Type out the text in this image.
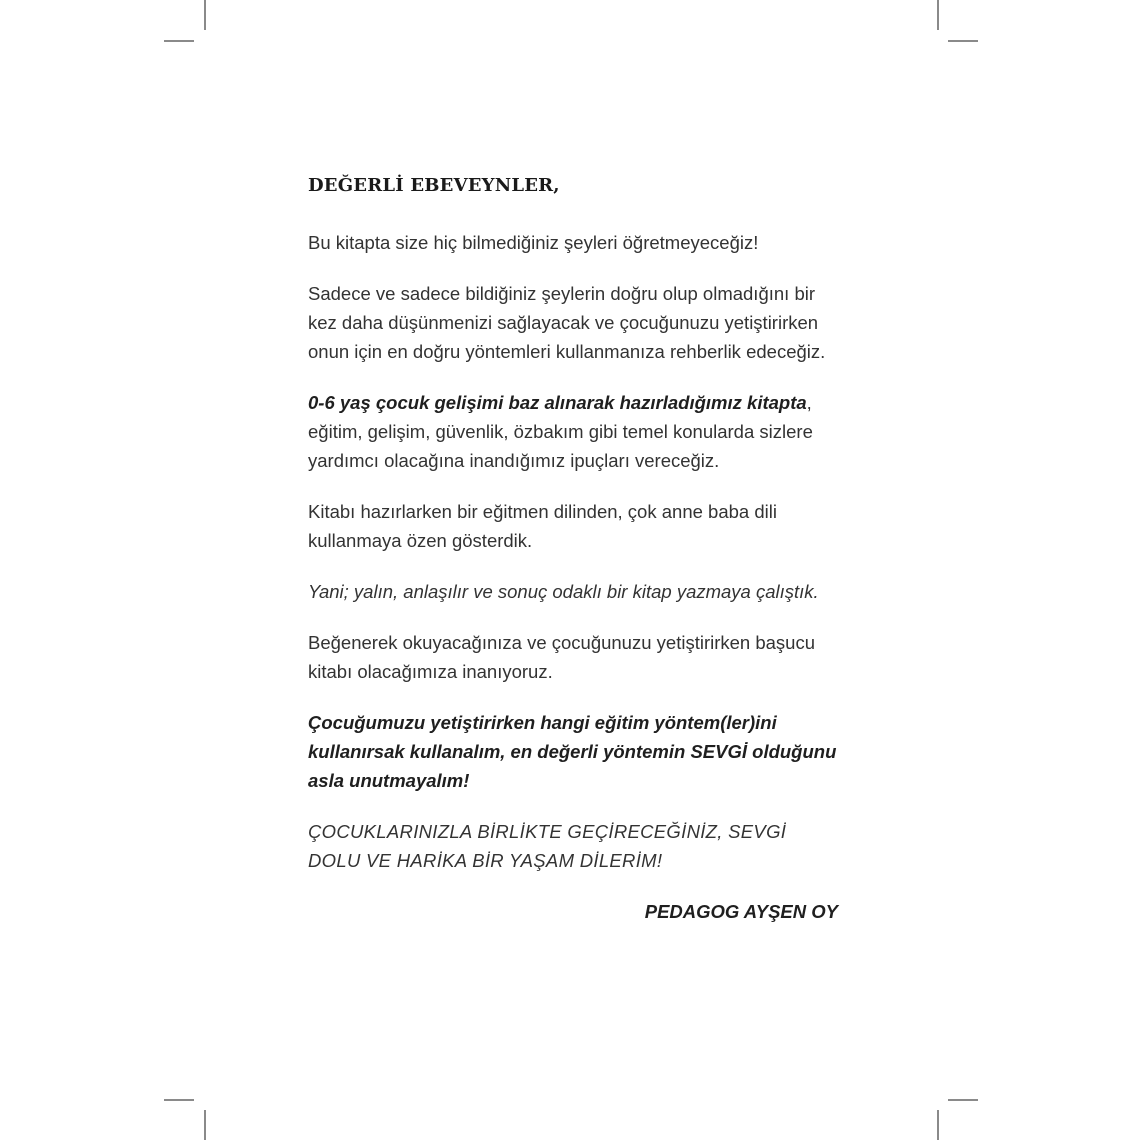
DEĞERLİ EBEVEYNLER,

Bu kitapta size hiç bilmediğiniz şeyleri öğretmeyeceğiz!

Sadece ve sadece bildiğiniz şeylerin doğru olup olmadığını bir kez daha düşünmenizi sağlayacak ve çocuğunuzu yetiştirirken onun için en doğru yöntemleri kullanmanıza rehberlik edeceğiz.

0-6 yaş çocuk gelişimi baz alınarak hazırladığımız kitapta, eğitim, gelişim, güvenlik, özbakım gibi temel konularda sizlere yardımcı olacağına inandığımız ipuçları vereceğiz.

Kitabı hazırlarken bir eğitmen dilinden, çok anne baba dili kullanmaya özen gösterdik.

Yani; yalın, anlaşılır ve sonuç odaklı bir kitap yazmaya çalıştık.

Beğenerek okuyacağınıza ve çocuğunuzu yetiştirirken başucu kitabı olacağımıza inanıyoruz.

Çocuğumuzu yetiştirirken hangi eğitim yöntem(ler)ini kullanırsak kullanalım, en değerli yöntemin SEVGİ olduğunu asla unutmayalım!

ÇOCUKLARINIZLA BİRLİKTE GEÇİRECEĞİNİZ, SEVGİ DOLU VE HARİKA BİR YAŞAM DİLERİM!

PEDAGOG AYŞEN OY
